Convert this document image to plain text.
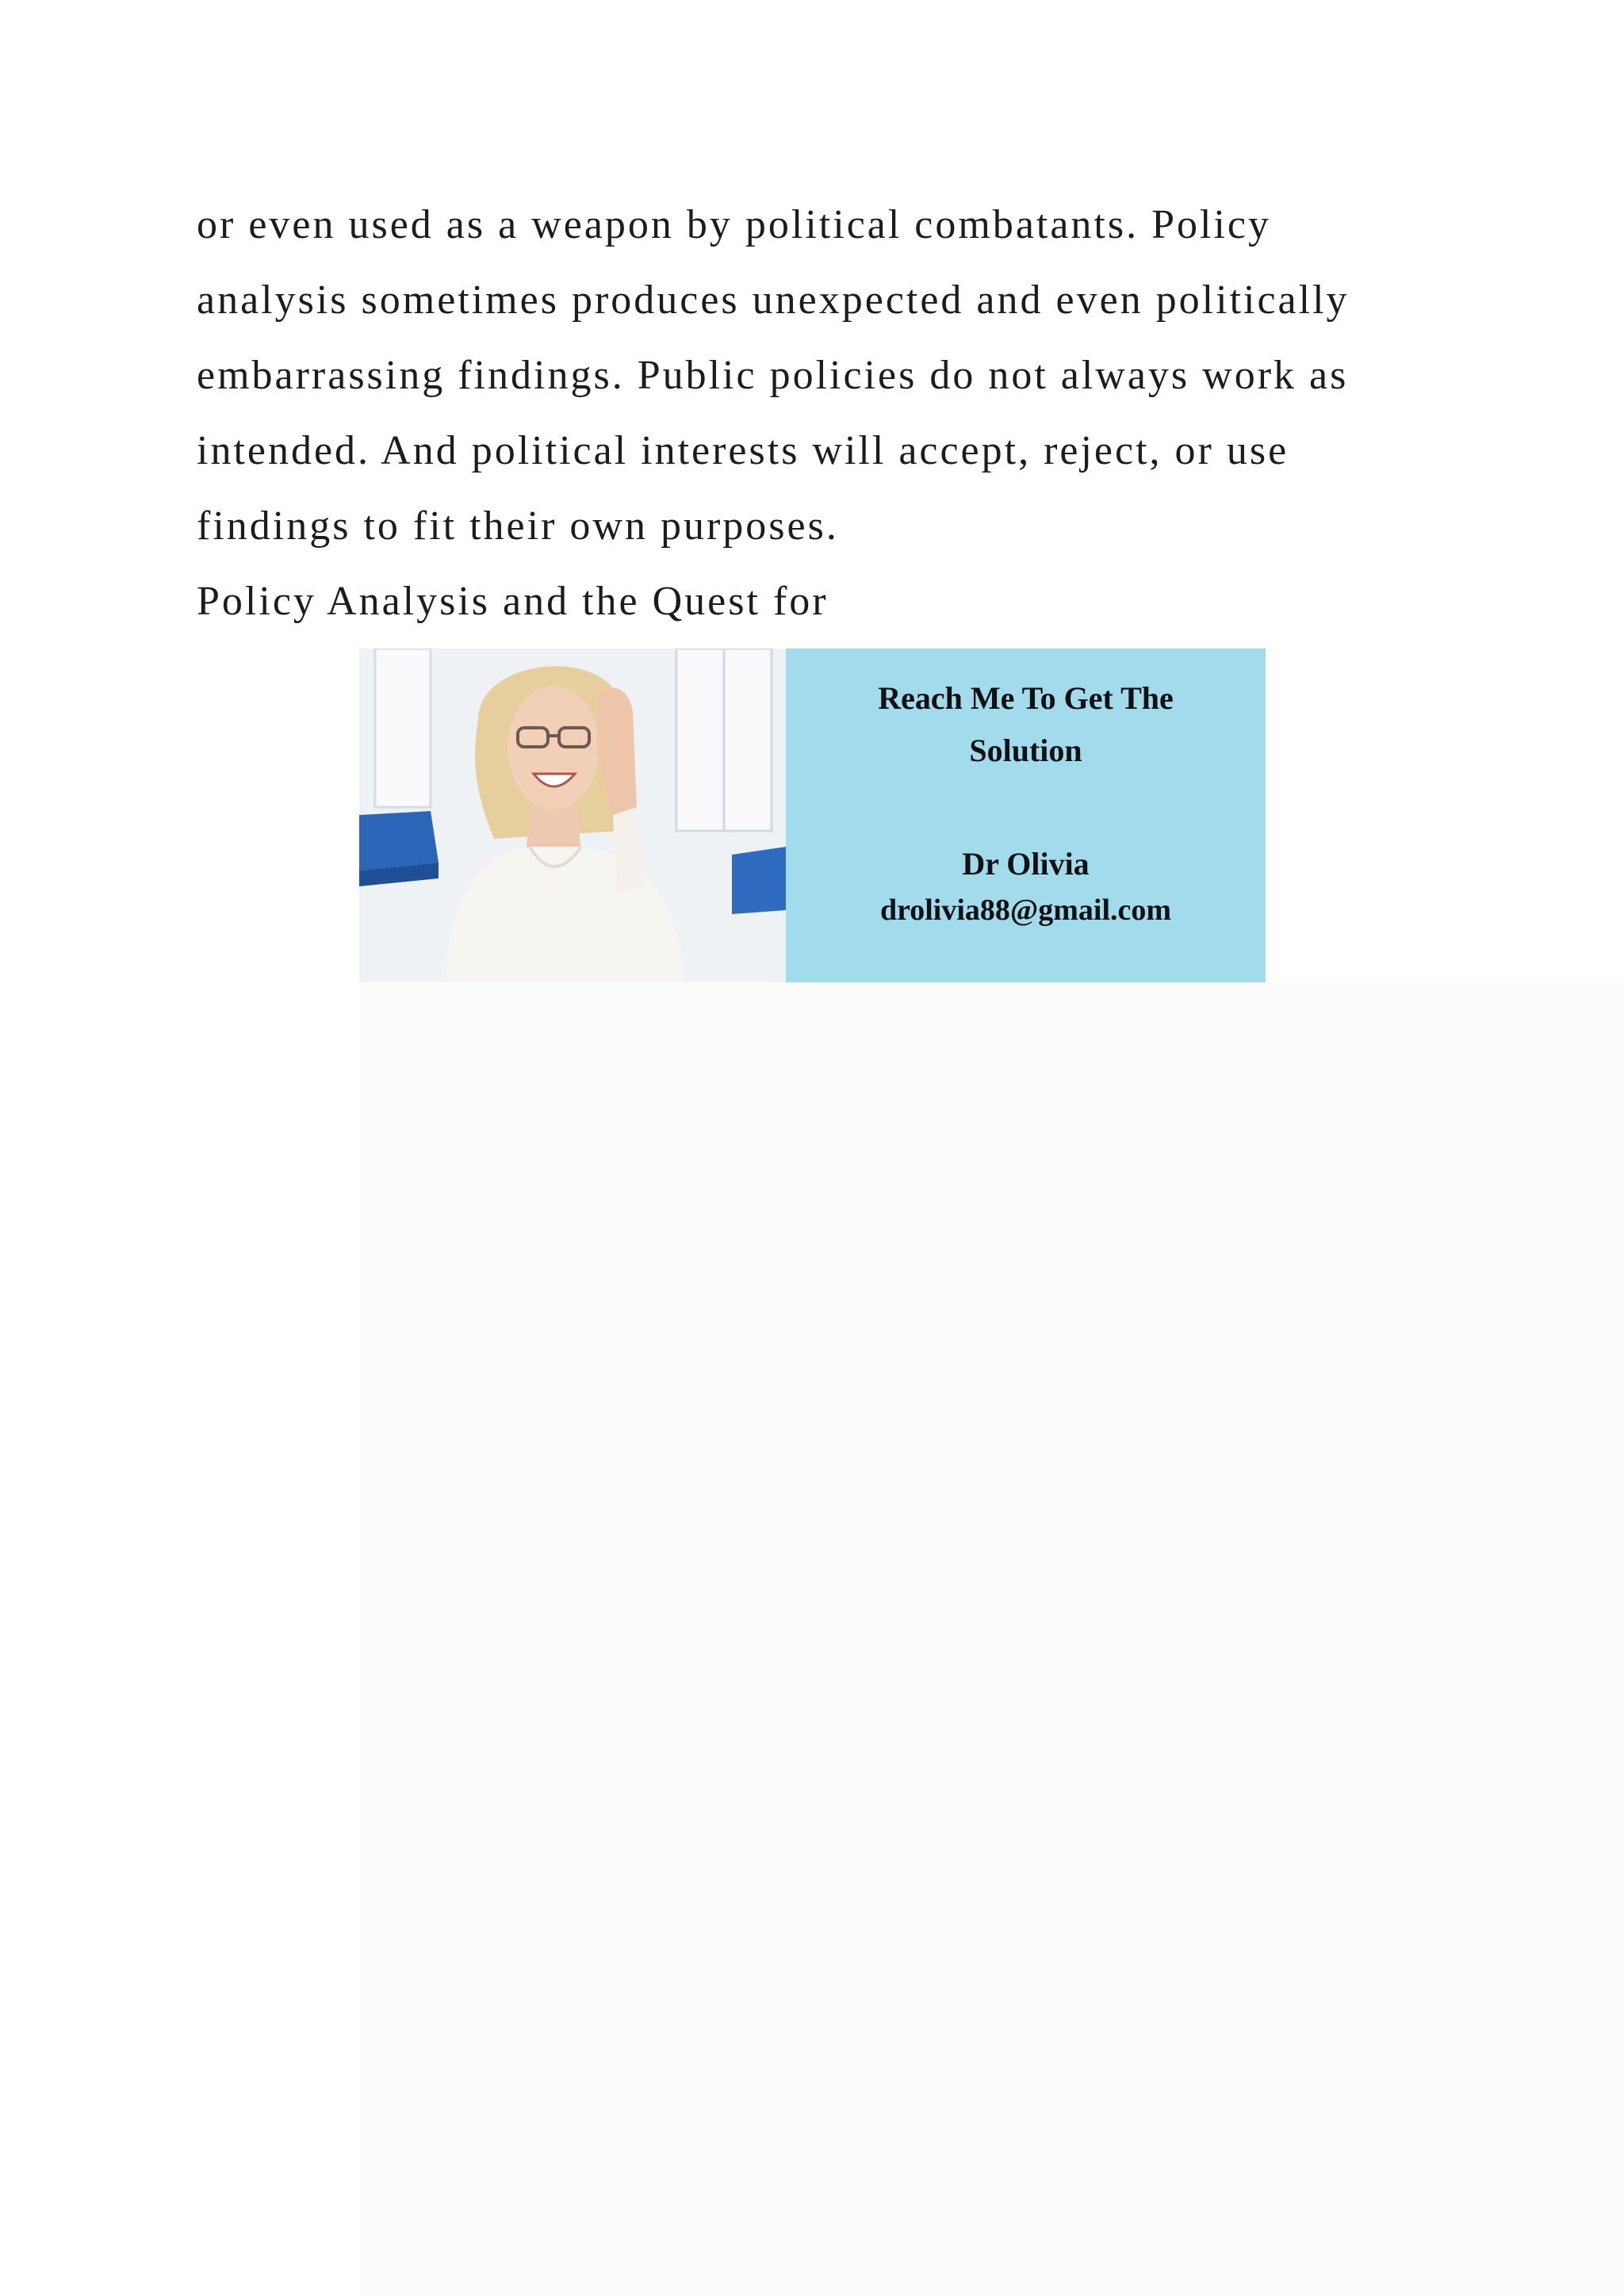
or even used as a weapon by political combatants. Policy
analysis sometimes produces unexpected and even politically
embarrassing findings. Public policies do not always work as
intended. And political interests will accept, reject, or use
findings to fit their own purposes.
Policy Analysis and the Quest for
Reach Me To Get The Solution
Dr Olivia
drolivia88@gmail.com
